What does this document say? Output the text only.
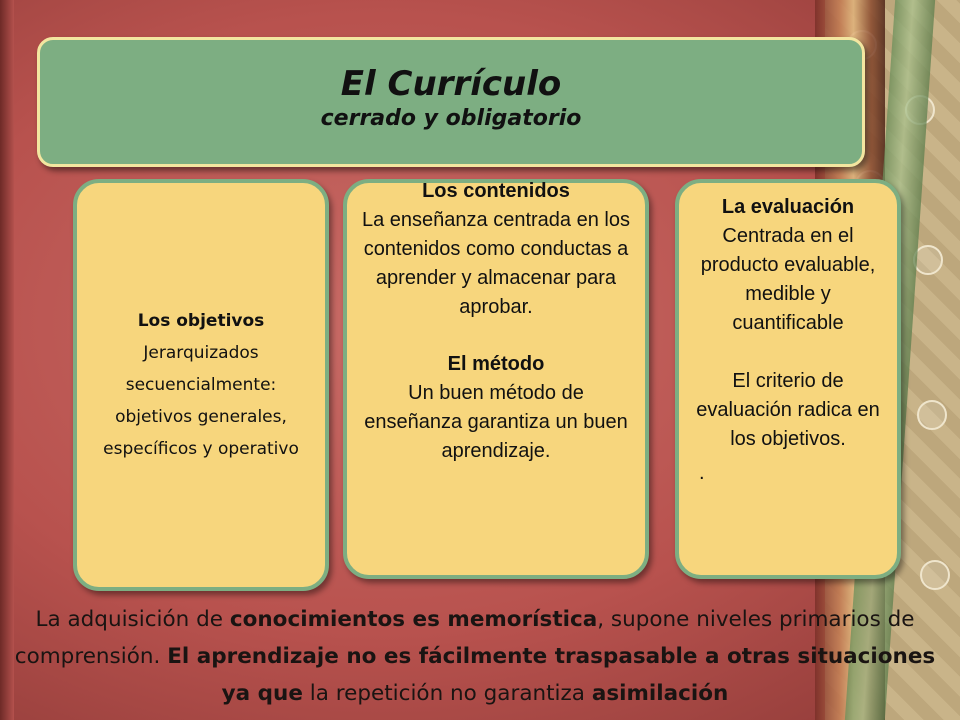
El Currículo
cerrado y obligatorio
Los objetivos
Jerarquizados secuencialmente: objetivos generales, específicos y operativo
Los contenidos
La enseñanza centrada en los contenidos como conductas a aprender y almacenar para aprobar.
El método
Un buen método de enseñanza garantiza un buen aprendizaje.
La evaluación
Centrada en el producto evaluable, medible y cuantificable
El criterio de evaluación radica en los objetivos.
.
La adquisición de conocimientos es memorística, supone niveles primarios de comprensión. El aprendizaje no es fácilmente traspasable a otras situaciones ya que la repetición no garantiza asimilación
